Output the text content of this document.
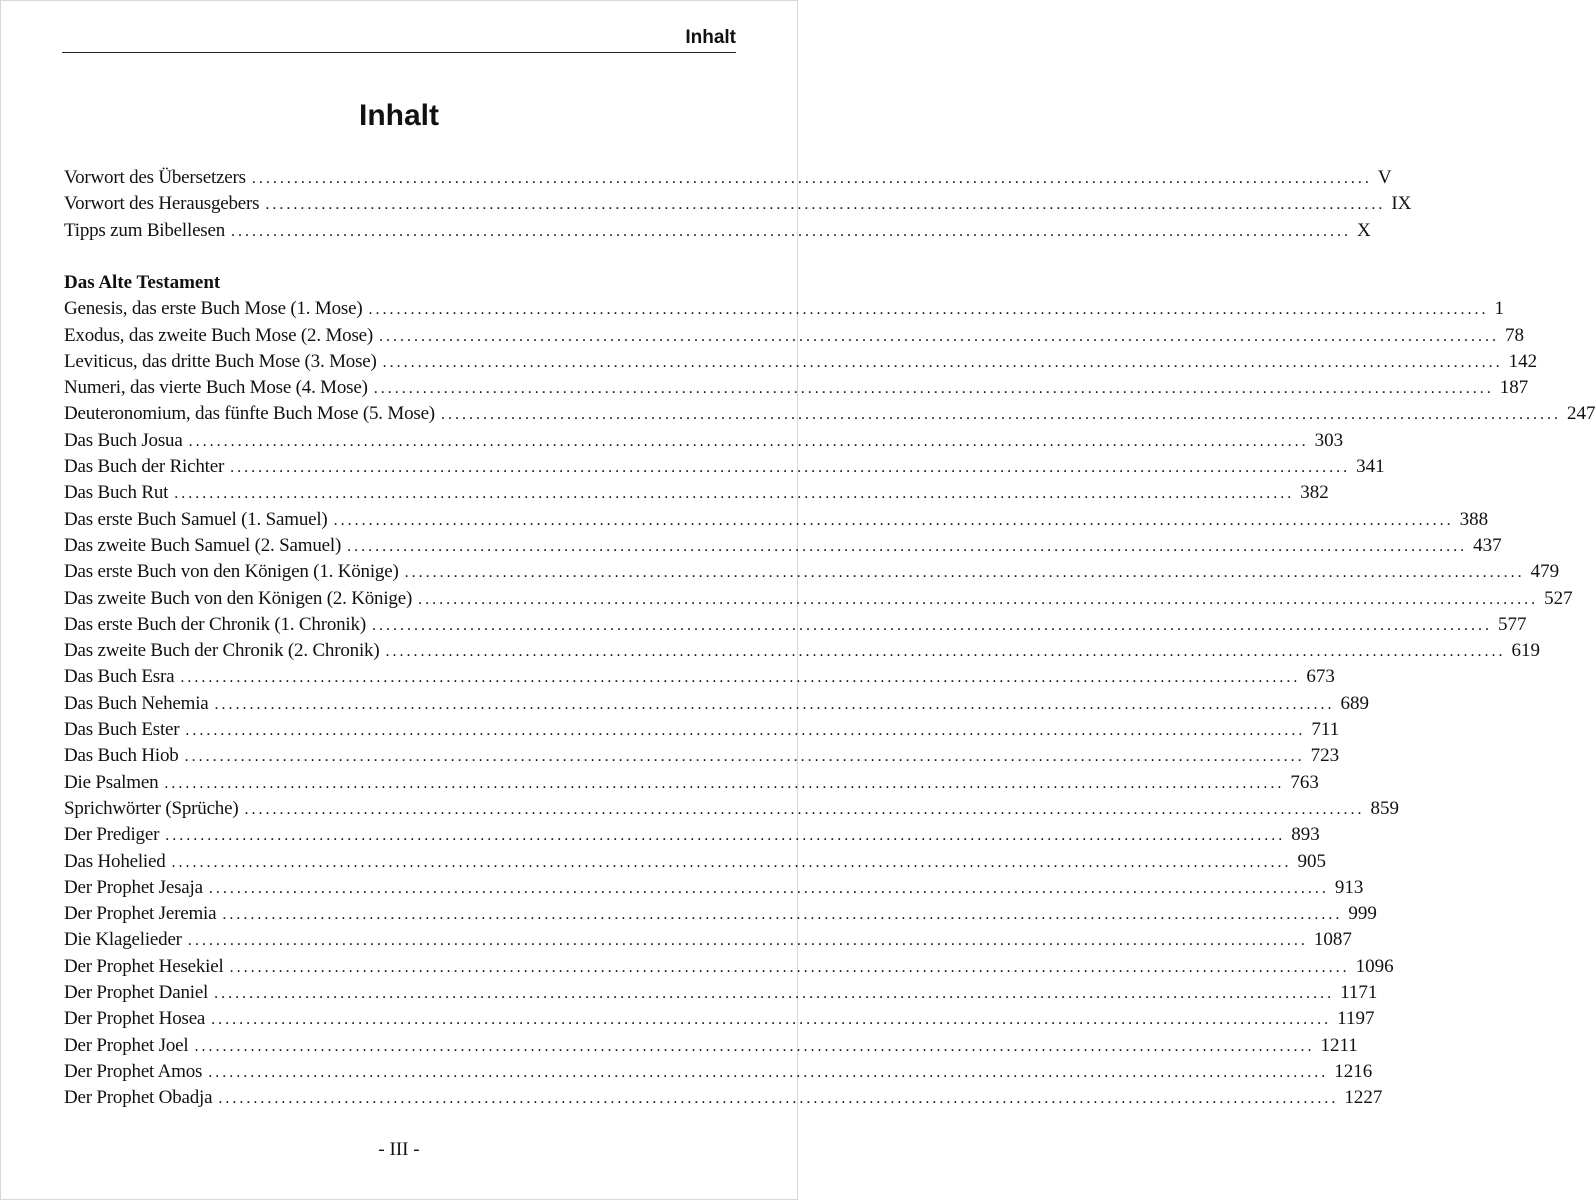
Inhalt
Inhalt
Vorwort des Übersetzers ................................................................................................................................................................ V
Vorwort des Herausgebers ................................................................................................................................................................ IX
Tipps zum Bibellesen ................................................................................................................................................................ X
Das Alte Testament
Genesis, das erste Buch Mose (1. Mose) ................................................................................................................................................................ 1
Exodus, das zweite Buch Mose (2. Mose) ................................................................................................................................................................ 78
Leviticus, das dritte Buch Mose (3. Mose) ................................................................................................................................................................ 142
Numeri, das vierte Buch Mose (4. Mose) ................................................................................................................................................................ 187
Deuteronomium, das fünfte Buch Mose (5. Mose) ................................................................................................................................................................ 247
Das Buch Josua ................................................................................................................................................................ 303
Das Buch der Richter ................................................................................................................................................................ 341
Das Buch Rut ................................................................................................................................................................ 382
Das erste Buch Samuel (1. Samuel) ................................................................................................................................................................ 388
Das zweite Buch Samuel (2. Samuel) ................................................................................................................................................................ 437
Das erste Buch von den Königen (1. Könige) ................................................................................................................................................................ 479
Das zweite Buch von den Königen (2. Könige) ................................................................................................................................................................ 527
Das erste Buch der Chronik (1. Chronik) ................................................................................................................................................................ 577
Das zweite Buch der Chronik (2. Chronik) ................................................................................................................................................................ 619
Das Buch Esra ................................................................................................................................................................ 673
Das Buch Nehemia ................................................................................................................................................................ 689
Das Buch Ester ................................................................................................................................................................ 711
Das Buch Hiob ................................................................................................................................................................ 723
Die Psalmen ................................................................................................................................................................ 763
Sprichwörter (Sprüche) ................................................................................................................................................................ 859
Der Prediger ................................................................................................................................................................ 893
Das Hohelied ................................................................................................................................................................ 905
Der Prophet Jesaja ................................................................................................................................................................ 913
Der Prophet Jeremia ................................................................................................................................................................ 999
Die Klagelieder ................................................................................................................................................................ 1087
Der Prophet Hesekiel ................................................................................................................................................................ 1096
Der Prophet Daniel ................................................................................................................................................................ 1171
Der Prophet Hosea ................................................................................................................................................................ 1197
Der Prophet Joel ................................................................................................................................................................ 1211
Der Prophet Amos ................................................................................................................................................................ 1216
Der Prophet Obadja ................................................................................................................................................................ 1227
- III -
